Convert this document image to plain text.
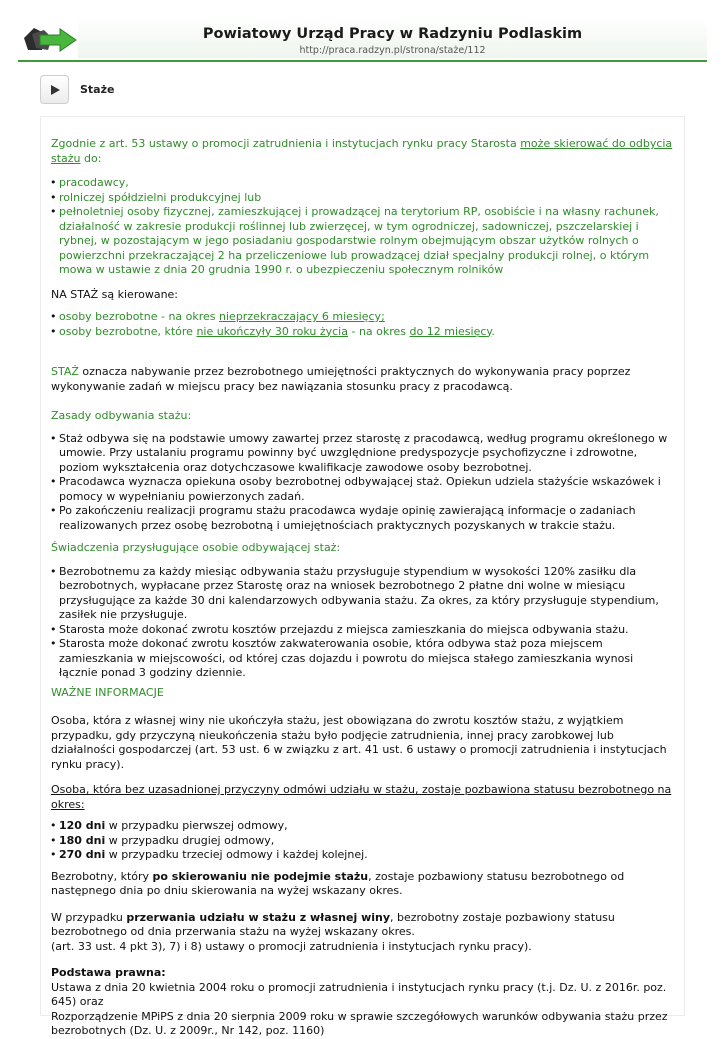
Powiatowy Urząd Pracy w Radzyniu Podlaskim
http://praca.radzyn.pl/strona/staże/112
Staże

Zgodnie z art. 53 ustawy o promocji zatrudnienia i instytucjach rynku pracy Starosta może skierować do odbycia stażu do:

• pracodawcy,
• rolniczej spółdzielni produkcyjnej lub
• pełnoletniej osoby fizycznej, zamieszkującej i prowadzącej na terytorium RP, osobiście i na własny rachunek, działalność w zakresie produkcji roślinnej lub zwierzęcej, w tym ogrodniczej, sadowniczej, pszczelarskiej i rybnej, w pozostającym w jego posiadaniu gospodarstwie rolnym obejmującym obszar użytków rolnych o powierzchni przekraczającej 2 ha przeliczeniowe lub prowadzącej dział specjalny produkcji rolnej, o którym mowa w ustawie z dnia 20 grudnia 1990 r. o ubezpieczeniu społecznym rolników

NA STAŻ są kierowane:

• osoby bezrobotne - na okres nieprzekraczający 6 miesięcy;
• osoby bezrobotne, które nie ukończyły 30 roku życia - na okres do 12 miesięcy.

STAŻ oznacza nabywanie przez bezrobotnego umiejętności praktycznych do wykonywania pracy poprzez wykonywanie zadań w miejscu pracy bez nawiązania stosunku pracy z pracodawcą.

Zasady odbywania stażu:

• Staż odbywa się na podstawie umowy zawartej przez starostę z pracodawcą, według programu określonego w umowie. Przy ustalaniu programu powinny być uwzględnione predyspozycje psychofizyczne i zdrowotne, poziom wykształcenia oraz dotychczasowe kwalifikacje zawodowe osoby bezrobotnej.
• Pracodawca wyznacza opiekuna osoby bezrobotnej odbywającej staż. Opiekun udziela stażyście wskazówek i pomocy w wypełnianiu powierzonych zadań.
• Po zakończeniu realizacji programu stażu pracodawca wydaje opinię zawierającą informacje o zadaniach realizowanych przez osobę bezrobotną i umiejętnościach praktycznych pozyskanych w trakcie stażu.

Świadczenia przysługujące osobie odbywającej staż:

• Bezrobotnemu za każdy miesiąc odbywania stażu przysługuje stypendium w wysokości 120% zasiłku dla bezrobotnych, wypłacane przez Starostę oraz na wniosek bezrobotnego 2 płatne dni wolne w miesiącu przysługujące za każde 30 dni kalendarzowych odbywania stażu. Za okres, za który przysługuje stypendium, zasiłek nie przysługuje.
• Starosta może dokonać zwrotu kosztów przejazdu z miejsca zamieszkania do miejsca odbywania stażu.
• Starosta może dokonać zwrotu kosztów zakwaterowania osobie, która odbywa staż poza miejscem zamieszkania w miejscowości, od której czas dojazdu i powrotu do miejsca stałego zamieszkania wynosi łącznie ponad 3 godziny dziennie.

WAŻNE INFORMACJE

Osoba, która z własnej winy nie ukończyła stażu, jest obowiązana do zwrotu kosztów stażu, z wyjątkiem przypadku, gdy przyczyną nieukończenia stażu było podjęcie zatrudnienia, innej pracy zarobkowej lub działalności gospodarczej (art. 53 ust. 6 w związku z art. 41 ust. 6 ustawy o promocji zatrudnienia i instytucjach rynku pracy).

Osoba, która bez uzasadnionej przyczyny odmówi udziału w stażu, zostaje pozbawiona statusu bezrobotnego na okres:

• 120 dni w przypadku pierwszej odmowy,
• 180 dni w przypadku drugiej odmowy,
• 270 dni w przypadku trzeciej odmowy i każdej kolejnej.

Bezrobotny, który po skierowaniu nie podejmie stażu, zostaje pozbawiony statusu bezrobotnego od następnego dnia po dniu skierowania na wyżej wskazany okres.

W przypadku przerwania udziału w stażu z własnej winy, bezrobotny zostaje pozbawiony statusu bezrobotnego od dnia przerwania stażu na wyżej wskazany okres.
(art. 33 ust. 4 pkt 3), 7) i 8) ustawy o promocji zatrudnienia i instytucjach rynku pracy).

Podstawa prawna:
Ustawa z dnia 20 kwietnia 2004 roku o promocji zatrudnienia i instytucjach rynku pracy (t.j. Dz. U. z 2016r. poz. 645) oraz
Rozporządzenie MPiPS z dnia 20 sierpnia 2009 roku w sprawie szczegółowych warunków odbywania stażu przez bezrobotnych (Dz. U. z 2009r., Nr 142, poz. 1160)
